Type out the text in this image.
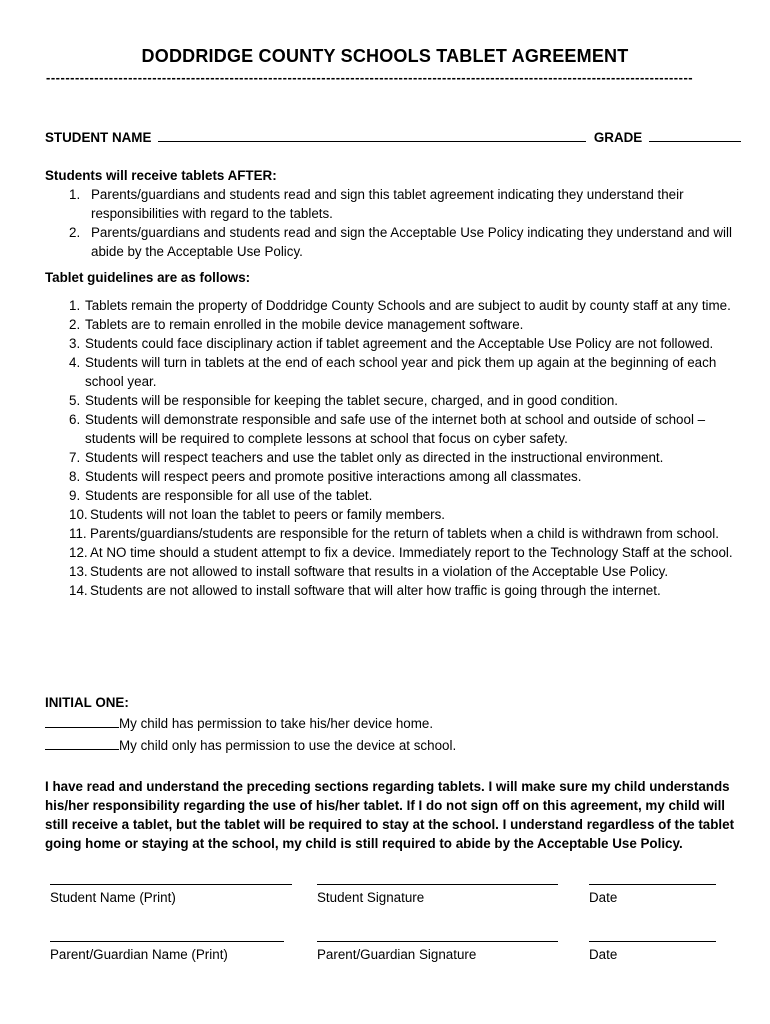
DODDRIDGE COUNTY SCHOOLS TABLET AGREEMENT
--------------------------------------------------------------------------------------------------------------------------------------
STUDENT NAME	GRADE
Students will receive tablets AFTER:
1. Parents/guardians and students read and sign this tablet agreement indicating they understand their responsibilities with regard to the tablets.
2. Parents/guardians and students read and sign the Acceptable Use Policy indicating they understand and will abide by the Acceptable Use Policy.
Tablet guidelines are as follows:
1. Tablets remain the property of Doddridge County Schools and are subject to audit by county staff at any time.
2. Tablets are to remain enrolled in the mobile device management software.
3. Students could face disciplinary action if tablet agreement and the Acceptable Use Policy are not followed.
4. Students will turn in tablets at the end of each school year and pick them up again at the beginning of each school year.
5. Students will be responsible for keeping the tablet secure, charged, and in good condition.
6. Students will demonstrate responsible and safe use of the internet both at school and outside of school – students will be required to complete lessons at school that focus on cyber safety.
7. Students will respect teachers and use the tablet only as directed in the instructional environment.
8. Students will respect peers and promote positive interactions among all classmates.
9. Students are responsible for all use of the tablet.
10. Students will not loan the tablet to peers or family members.
11. Parents/guardians/students are responsible for the return of tablets when a child is withdrawn from school.
12. At NO time should a student attempt to fix a device. Immediately report to the Technology Staff at the school.
13. Students are not allowed to install software that results in a violation of the Acceptable Use Policy.
14. Students are not allowed to install software that will alter how traffic is going through the internet.
INITIAL ONE:
My child has permission to take his/her device home.
My child only has permission to use the device at school.
I have read and understand the preceding sections regarding tablets. I will make sure my child understands his/her responsibility regarding the use of his/her tablet. If I do not sign off on this agreement, my child will still receive a tablet, but the tablet will be required to stay at the school. I understand regardless of the tablet going home or staying at the school, my child is still required to abide by the Acceptable Use Policy.
Student Name (Print)	Student Signature	Date
Parent/Guardian Name (Print)	Parent/Guardian Signature	Date
